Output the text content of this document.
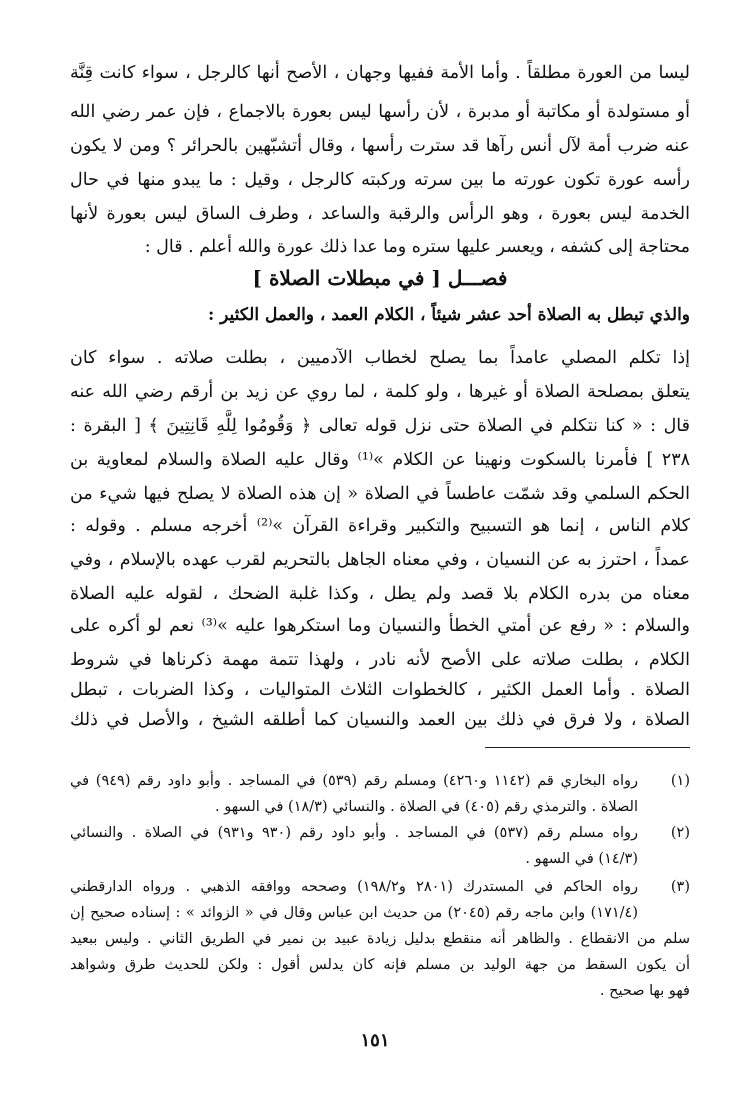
ليسا من العورة مطلقاً . وأما الأمة ففيها وجهان ، الأصح أنها كالرجل ، سواء كانت قِنَّة
أو مستولدة أو مكاتبة أو مدبرة ، لأن رأسها ليس بعورة بالاجماع ، فإن عمر رضي الله
عنه ضرب أمة لآل أنس رآها قد سترت رأسها ، وقال أتشبّهين بالحرائر ؟ ومن لا يكون
رأسه عورة تكون عورته ما بين سرته وركبته كالرجل ، وقيل : ما يبدو منها في حال
الخدمة ليس بعورة ، وهو الرأس والرقبة والساعد ، وطرف الساق ليس بعورة لأنها
محتاجة إلى كشفه ، ويعسر عليها ستره وما عدا ذلك عورة والله أعلم . قال :
فصـــل [ في مبطلات الصلاة ]
والذي تبطل به الصلاة أحد عشر شيئاً ، الكلام العمد ، والعمل الكثير :
إذا تكلم المصلي عامداً بما يصلح لخطاب الآدميين ، بطلت صلاته . سواء كان
يتعلق بمصلحة الصلاة أو غيرها ، ولو كلمة ، لما روي عن زيد بن أرقم رضي الله عنه
قال : « كنا نتكلم في الصلاة حتى نزل قوله تعالى ﴿ وَقُومُوا لِلَّهِ قَانِتِينَ ﴾ [ البقرة :
٢٣٨ ] فأمرنا بالسكوت ونهينا عن الكلام »⁽¹⁾ وقال عليه الصلاة والسلام لمعاوية بن
الحكم السلمي وقد شمّت عاطساً في الصلاة « إن هذه الصلاة لا يصلح فيها شيء من
كلام الناس ، إنما هو التسبيح والتكبير وقراءة القرآن »⁽²⁾ أخرجه مسلم . وقوله :
عمداً ، احترز به عن النسيان ، وفي معناه الجاهل بالتحريم لقرب عهده بالإسلام ، وفي
معناه من بدره الكلام بلا قصد ولم يطل ، وكذا غلبة الضحك ، لقوله عليه الصلاة
والسلام : « رفع عن أمتي الخطأ والنسيان وما استكرهوا عليه »⁽³⁾ نعم لو أكره على
الكلام ، بطلت صلاته على الأصح لأنه نادر ، ولهذا تتمة مهمة ذكرناها في شروط
الصلاة . وأما العمل الكثير ، كالخطوات الثلاث المتواليات ، وكذا الضربات ، تبطل
الصلاة ، ولا فرق في ذلك بين العمد والنسيان كما أطلقه الشيخ ، والأصل في ذلك
(١)
رواه البخاري قم (١١٤٢ و٤٢٦٠) ومسلم رقم (٥٣٩) في المساجد . وأبو داود رقم (٩٤٩) في
الصلاة . والترمذي رقم (٤٠٥) في الصلاة . والنسائي (١٨/٣) في السهو .
(٢)
رواه مسلم رقم (٥٣٧) في المساجد . وأبو داود رقم (٩٣٠ و٩٣١) في الصلاة . والنسائي
(١٤/٣) في السهو .
(٣)
رواه الحاكم في المستدرك (٢٨٠١ و١٩٨/٢) وصححه ووافقه الذهبي . ورواه الدارقطني
(١٧١/٤) وابن ماجه رقم (٢٠٤٥) من حديث ابن عباس وقال في « الزوائد » : إسناده صحيح إن
سلم من الانقطاع . والظاهر أنه منقطع بدليل زيادة عبيد بن نمير في الطريق الثاني . وليس ببعيد
أن يكون السقط من جهة الوليد بن مسلم فإنه كان يدلس أقول : ولكن للحديث طرق وشواهد
فهو بها صحيح .
١٥١
